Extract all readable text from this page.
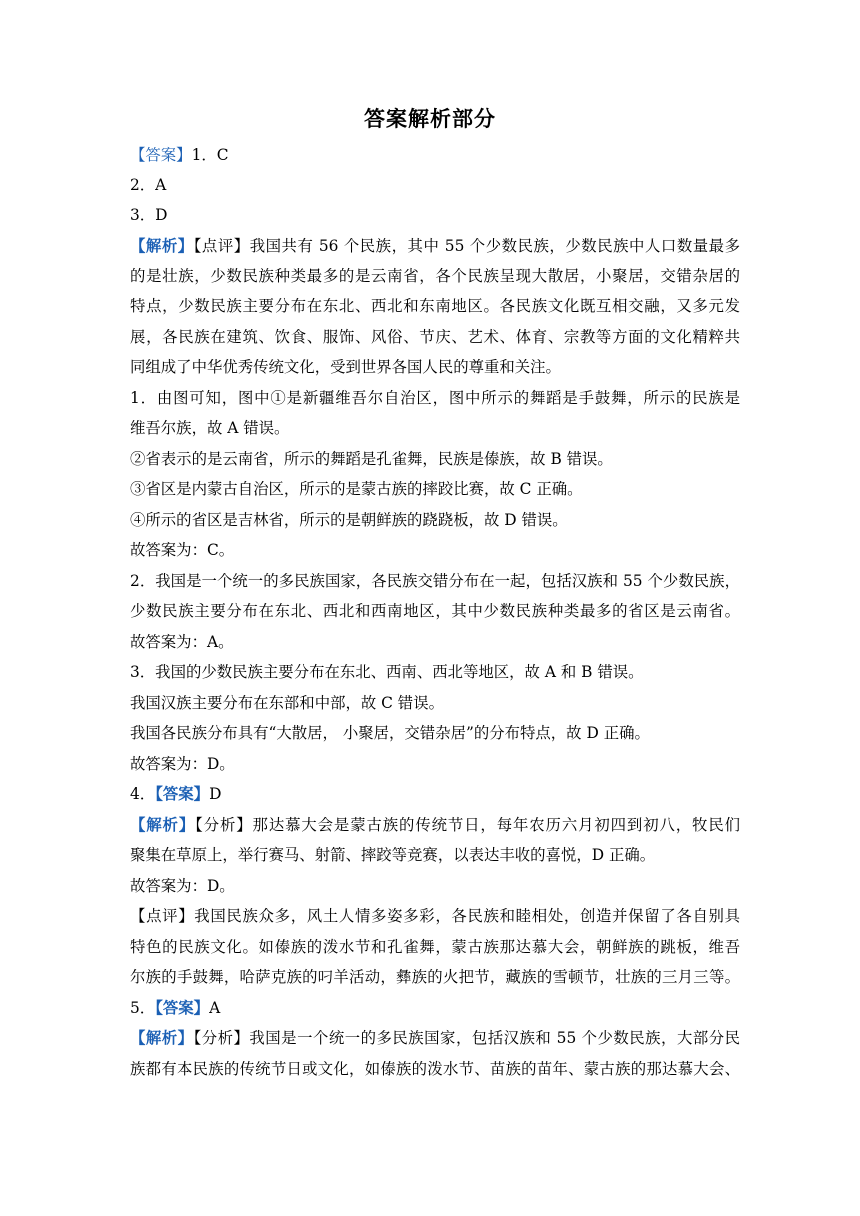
答案解析部分
【答案】1．C
2．A
3．D
【解析】【点评】我国共有 56 个民族，其中 55 个少数民族，少数民族中人口数量最多
的是壮族，少数民族种类最多的是云南省，各个民族呈现大散居，小聚居，交错杂居的
特点，少数民族主要分布在东北、西北和东南地区。各民族文化既互相交融，又多元发
展，各民族在建筑、饮食、服饰、风俗、节庆、艺术、体育、宗教等方面的文化精粹共
同组成了中华优秀传统文化，受到世界各国人民的尊重和关注。
1．由图可知，图中①是新疆维吾尔自治区，图中所示的舞蹈是手鼓舞，所示的民族是
维吾尔族，故 A 错误。
②省表示的是云南省，所示的舞蹈是孔雀舞，民族是傣族，故 B 错误。
③省区是内蒙古自治区，所示的是蒙古族的摔跤比赛，故 C 正确。
④所示的省区是吉林省，所示的是朝鲜族的跷跷板，故 D 错误。
故答案为：C。
2．我国是一个统一的多民族国家，各民族交错分布在一起，包括汉族和 55 个少数民族，
少数民族主要分布在东北、西北和西南地区，其中少数民族种类最多的省区是云南省。
故答案为：A。
3．我国的少数民族主要分布在东北、西南、西北等地区，故 A 和 B 错误。
我国汉族主要分布在东部和中部，故 C 错误。
我国各民族分布具有“大散居， 小聚居，交错杂居”的分布特点，故 D 正确。
故答案为：D。
4．【答案】D
【解析】【分析】那达慕大会是蒙古族的传统节日，每年农历六月初四到初八，牧民们
聚集在草原上，举行赛马、射箭、摔跤等竞赛，以表达丰收的喜悦，D 正确。
故答案为：D。
【点评】我国民族众多，风土人情多姿多彩，各民族和睦相处，创造并保留了各自别具
特色的民族文化。如傣族的泼水节和孔雀舞，蒙古族那达慕大会，朝鲜族的跳板，维吾
尔族的手鼓舞，哈萨克族的叼羊活动，彝族的火把节，藏族的雪顿节，壮族的三月三等。
5．【答案】A
【解析】【分析】我国是一个统一的多民族国家，包括汉族和 55 个少数民族，大部分民
族都有本民族的传统节日或文化，如傣族的泼水节、苗族的苗年、蒙古族的那达慕大会、
